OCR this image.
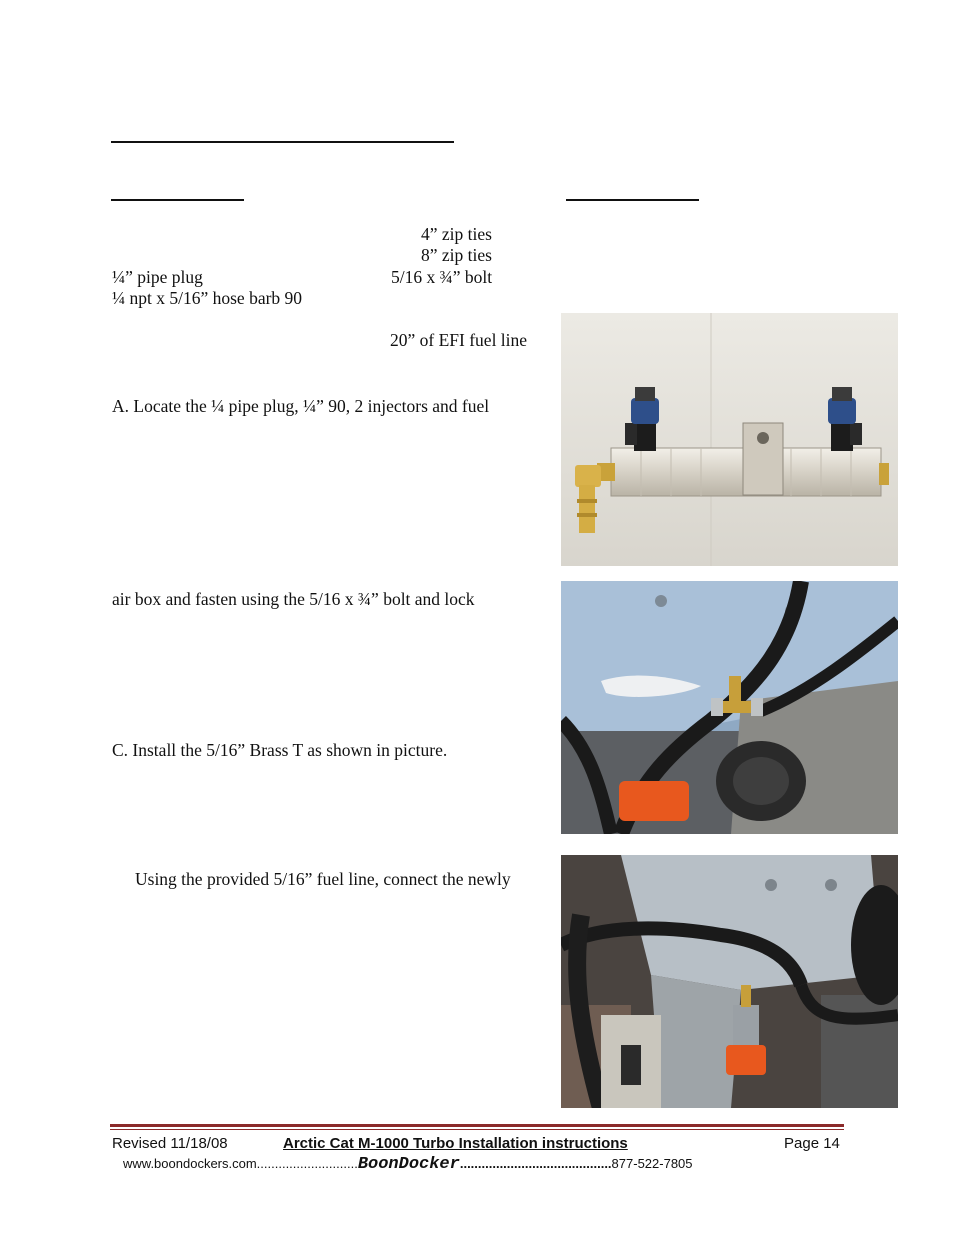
4” zip ties
8” zip ties
¼” pipe plug	5/16 x ¾” bolt
¼ npt x 5/16” hose barb 90
20” of EFI fuel line
A. Locate the ¼ pipe plug, ¼” 90, 2 injectors and fuel
air box and fasten using the 5/16 x ¾” bolt and lock
C. Install the 5/16” Brass T as shown in picture.
Using the provided 5/16” fuel line, connect the newly
Revised 11/18/08	Arctic Cat M-1000 Turbo Installation instructions	Page 14
www.boondockers.com............................BoonDocker..........................................877-522-7805
